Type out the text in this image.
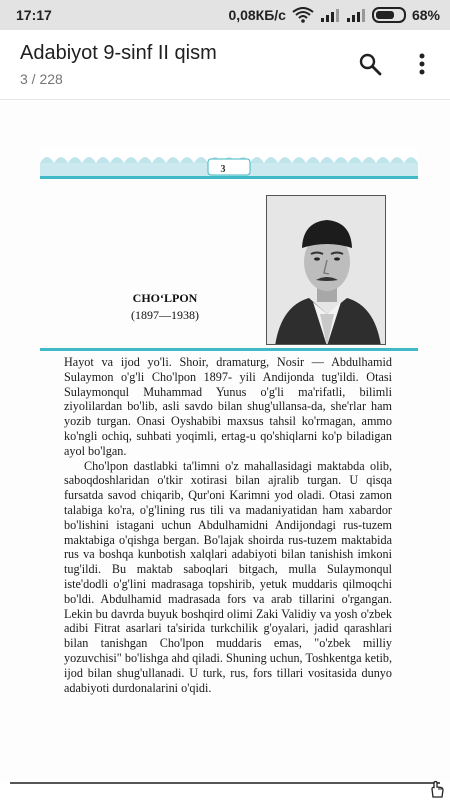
17:17	0,08КБ/с	68%
Adabiyot 9-sinf II qism
3 / 228
3
CHO‘LPON
(1897—1938)

Hayot va ijod yo'li. Shoir, dramaturg, Nosir — Abdulhamid Sulaymon o'g'li Cho'lpon 1897- yili Andijonda tug'ildi. Otasi Sulaymonqul Muhammad Yunus o'g'li ma'rifatli, bilimli ziyolilardan bo'lib, asli savdo bilan shug'ullansa-da, she'rlar ham yozib turgan. Onasi Oyshabibi maxsus tahsil ko'rmagan, ammo ko'ngli ochiq, suhbati yoqimli, ertag-u qo'shiqlarni ko'p biladigan ayol bo'lgan.

Cho'lpon dastlabki ta'limni o'z mahallasidagi maktabda olib, saboqdoshlaridan o'tkir xotirasi bilan ajralib turgan. U qisqa fursatda savod chiqarib, Qur'oni Karimni yod oladi. Otasi zamon talabiga ko'ra, o'g'lining rus tili va madaniyatidan ham xabardor bo'lishini istagani uchun Abdulhamidni Andijondagi rus-tuzem maktabiga o'qishga bergan. Bo'lajak shoirda rus-tuzem maktabida rus va boshqa kunbotish xalqlari adabiyoti bilan tanishish imkoni tug'ildi. Bu maktab saboqlari bitgach, mulla Sulaymonqul iste'dodli o'g'lini madrasaga topshirib, yetuk muddaris qilmoqchi bo'ldi. Abdulhamid madrasada fors va arab tillarini o'rgangan. Lekin bu davrda buyuk boshqird olimi Zaki Validiy va yosh o'zbek adibi Fitrat asarlari ta'sirida turkchilik g'oyalari, jadid qarashlari bilan tanishgan Cho'lpon muddaris emas, "o'zbek milliy yozuvchisi" bo'lishga ahd qiladi. Shuning uchun, Toshkentga ketib, ijod bilan shug'ullanadi. U turk, rus, fors tillari vositasida dunyo adabiyoti durdonalarini o'qidi.
